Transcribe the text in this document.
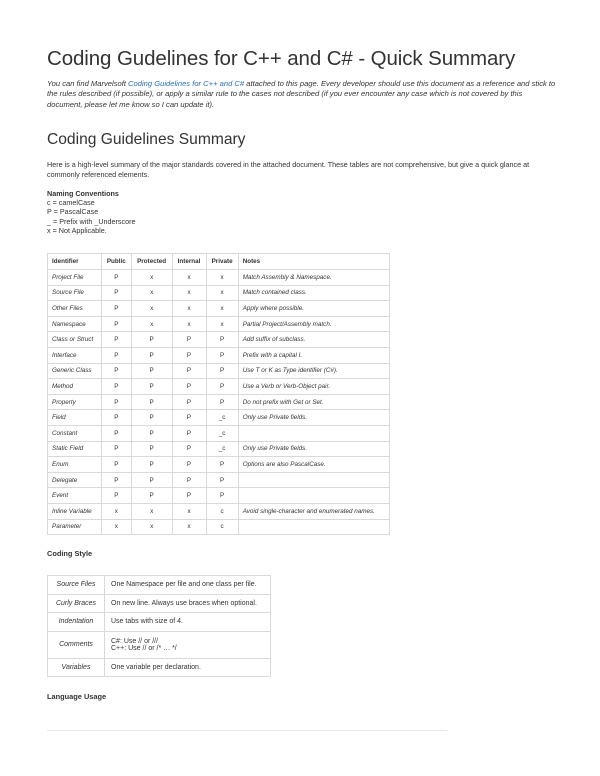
Coding Gudelines for C++ and C# - Quick Summary
You can find Marvelsoft Coding Guidelines for C++ and C# attached to this page. Every developer should use this document as a reference and stick to the rules described (if possible), or apply a similar rule to the cases not described (if you ever encounter any case which is not covered by this document, please let me know so I can update it).
Coding Guidelines Summary
Here is a high-level summary of the major standards covered in the attached document. These tables are not comprehensive, but give a quick glance at commonly referenced elements.
Naming Conventions
c = camelCase
P = PascalCase
_ = Prefix with _Underscore
x = Not Applicable.
Identifier	Public	Protected	Internal	Private	Notes
Project File	P	x	x	x	Match Assembly & Namespace.
Source File	P	x	x	x	Match contained class.
Other Files	P	x	x	x	Apply where possible.
Namespace	P	x	x	x	Partial Project/Assembly match.
Class or Struct	P	P	P	P	Add suffix of subclass.
Interface	P	P	P	P	Prefix with a capital I.
Generic Class	P	P	P	P	Use T or K as Type identifier (C#).
Method	P	P	P	P	Use a Verb or Verb-Object pair.
Property	P	P	P	P	Do not prefix with Get or Set.
Field	P	P	P	_c	Only use Private fields.
Constant	P	P	P	_c	
Static Field	P	P	P	_c	Only use Private fields.
Enum	P	P	P	P	Options are also PascalCase.
Delegate	P	P	P	P	
Event	P	P	P	P	
Inline Variable	x	x	x	c	Avoid single-character and enumerated names.
Parameter	x	x	x	c	
Coding Style
Source Files	One Namespace per file and one class per file.

Curly Braces	On new line. Always use braces when optional.

Indentation	Use tabs with size of 4.

Comments	C#: Use // or ///
C++: Use // or /* … */

Variables	One variable per declaration.
Language Usage
